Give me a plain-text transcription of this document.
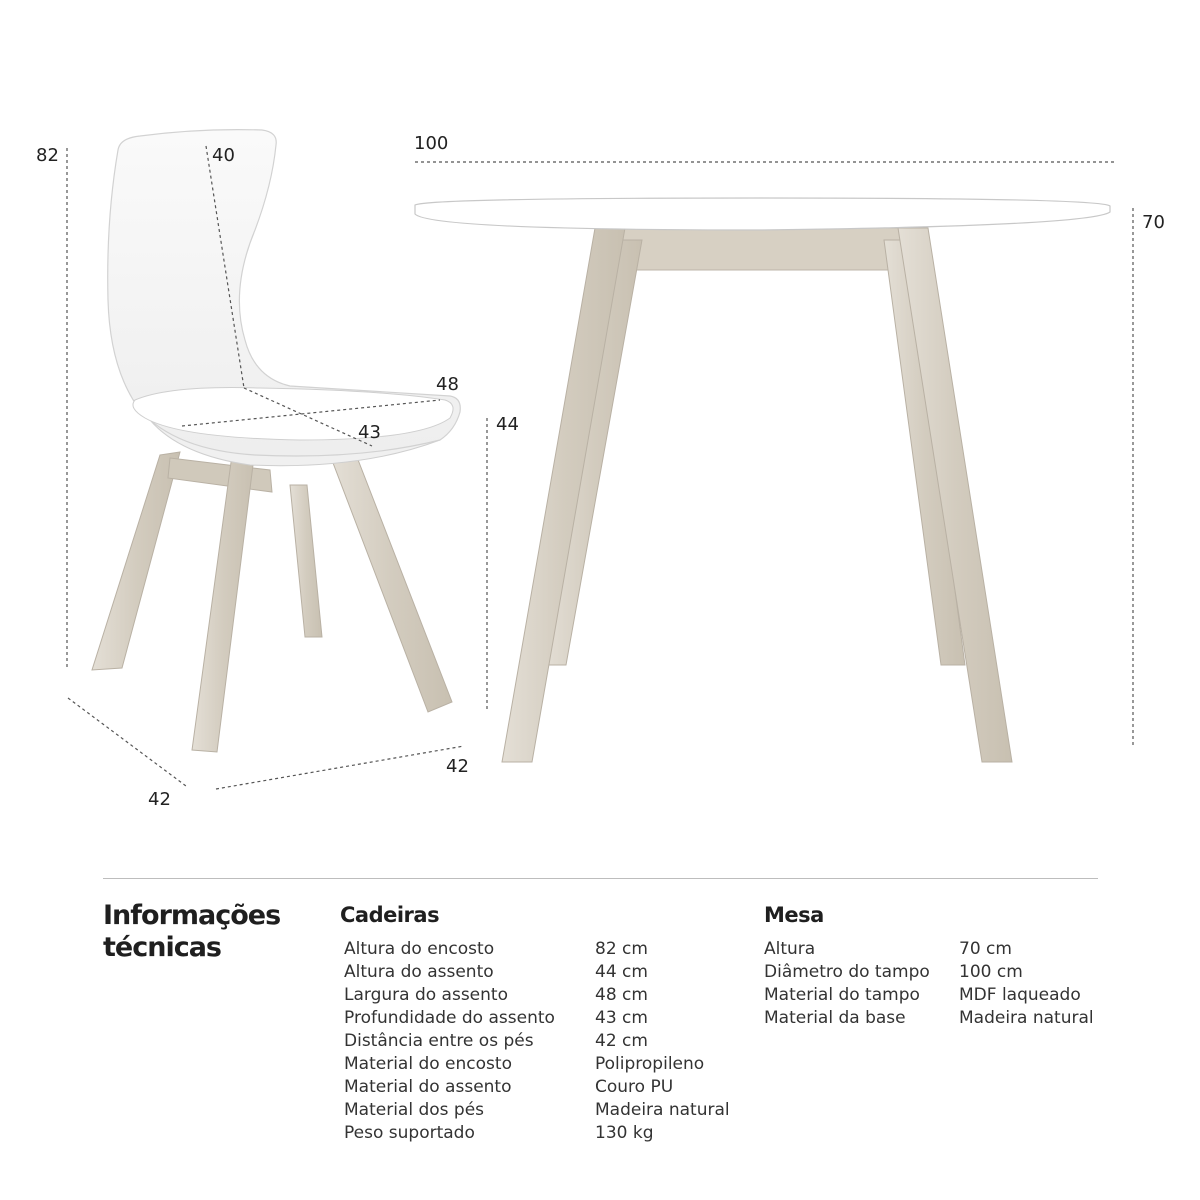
82	40
48
43	44
42
42
100
70
Informações
técnicas
Cadeiras
Altura do encosto	82 cm
Altura do assento	44 cm
Largura do assento	48 cm
Profundidade do assento	43 cm
Distância entre os pés	42 cm
Material do encosto	Polipropileno
Material do assento	Couro PU
Material dos pés	Madeira natural
Peso suportado	130 kg
Mesa
Altura	70 cm
Diâmetro do tampo	100 cm
Material do tampo	MDF laqueado
Material da base	Madeira natural
